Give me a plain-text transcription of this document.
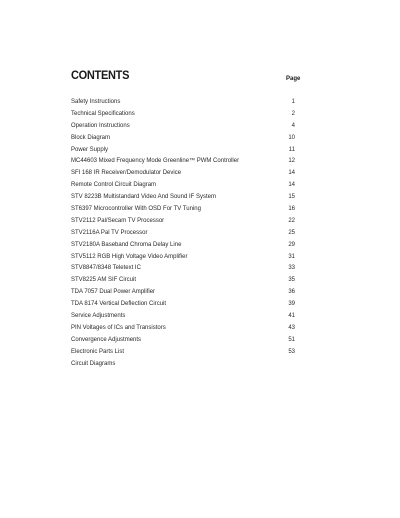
CONTENTS	Page
Safety Instructions	1
Technical Specifications	2
Operation Instructions	4
Block Diagram	10
Power Supply	11
MC44603 Mixed Frequency Mode Greenline™ PWM Controller	12
SFI 168 IR Receiver/Demodulator Device	14
Remote Control Circuit Diagram	14
STV 8223B Multistandard Video And Sound IF System	15
ST6397 Microcontroller With OSD For TV Tuning	16
STV2112 Pal/Secam TV Processor	22
STV2116A Pal TV Processor	25
STV2180A Baseband Chroma Delay Line	29
STV5112 RGB High Voltage Video Amplifier	31
STV8847/8348 Teletext IC	33
STV8225 AM SIF Circuit	35
TDA 7057 Dual Power Amplifier	36
TDA 8174 Vertical Deflection Circuit	39
Service Adjustments	41
PIN Voltages of ICs and Transistors	43
Convergence Adjustments	51
Electronic Parts List	53
Circuit Diagrams
